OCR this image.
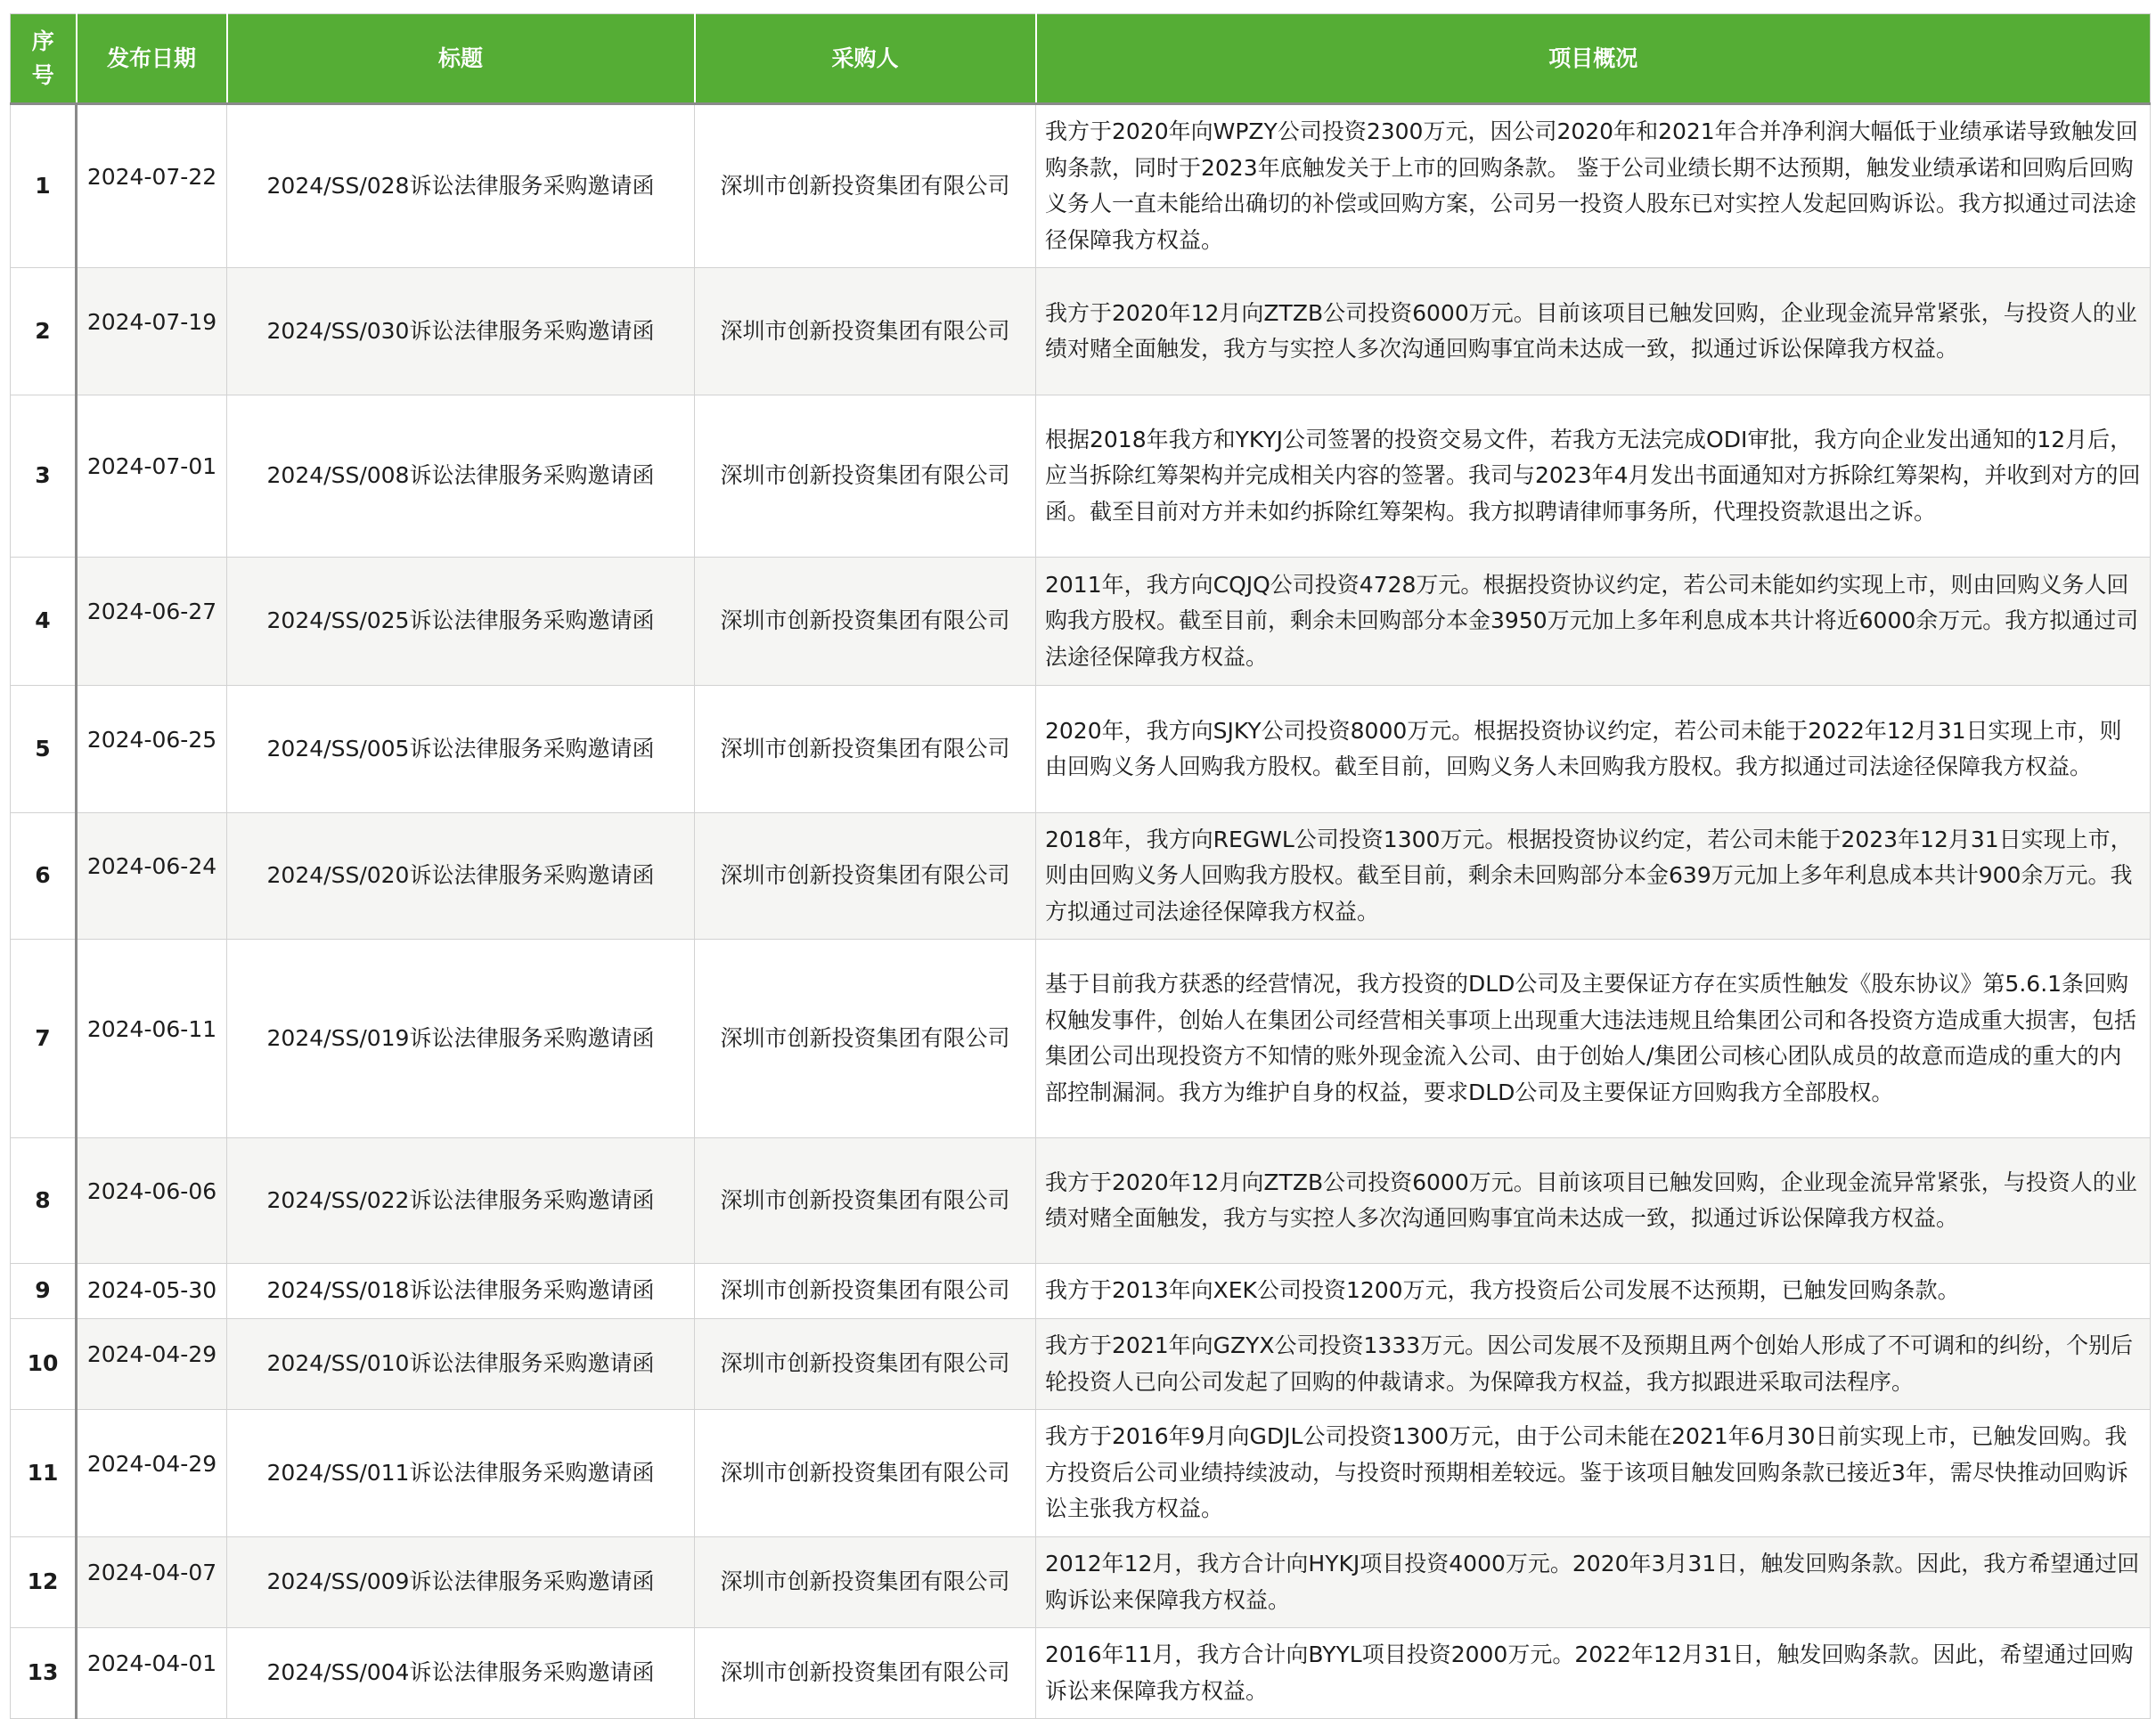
序号	发布日期	标题	采购人	项目概况
1	2024-07-22	2024/SS/028诉讼法律服务采购邀请函	深圳市创新投资集团有限公司	我方于2020年向WPZY公司投资2300万元，因公司2020年和2021年合并净利润大幅低于业绩承诺导致触发回购条款，同时于2023年底触发关于上市的回购条款。 鉴于公司业绩长期不达预期，触发业绩承诺和回购后回购义务人一直未能给出确切的补偿或回购方案，公司另一投资人股东已对实控人发起回购诉讼。我方拟通过司法途径保障我方权益。
2	2024-07-19	2024/SS/030诉讼法律服务采购邀请函	深圳市创新投资集团有限公司	我方于2020年12月向ZTZB公司投资6000万元。目前该项目已触发回购，企业现金流异常紧张，与投资人的业绩对赌全面触发，我方与实控人多次沟通回购事宜尚未达成一致，拟通过诉讼保障我方权益。
3	2024-07-01	2024/SS/008诉讼法律服务采购邀请函	深圳市创新投资集团有限公司	根据2018年我方和YKYJ公司签署的投资交易文件，若我方无法完成ODI审批，我方向企业发出通知的12月后，应当拆除红筹架构并完成相关内容的签署。我司与2023年4月发出书面通知对方拆除红筹架构，并收到对方的回函。截至目前对方并未如约拆除红筹架构。我方拟聘请律师事务所，代理投资款退出之诉。
4	2024-06-27	2024/SS/025诉讼法律服务采购邀请函	深圳市创新投资集团有限公司	2011年，我方向CQJQ公司投资4728万元。根据投资协议约定，若公司未能如约实现上市，则由回购义务人回购我方股权。截至目前，剩余未回购部分本金3950万元加上多年利息成本共计将近6000余万元。我方拟通过司法途径保障我方权益。
5	2024-06-25	2024/SS/005诉讼法律服务采购邀请函	深圳市创新投资集团有限公司	2020年，我方向SJKY公司投资8000万元。根据投资协议约定，若公司未能于2022年12月31日实现上市，则由回购义务人回购我方股权。截至目前，回购义务人未回购我方股权。我方拟通过司法途径保障我方权益。
6	2024-06-24	2024/SS/020诉讼法律服务采购邀请函	深圳市创新投资集团有限公司	2018年，我方向REGWL公司投资1300万元。根据投资协议约定，若公司未能于2023年12月31日实现上市，则由回购义务人回购我方股权。截至目前，剩余未回购部分本金639万元加上多年利息成本共计900余万元。我方拟通过司法途径保障我方权益。
7	2024-06-11	2024/SS/019诉讼法律服务采购邀请函	深圳市创新投资集团有限公司	基于目前我方获悉的经营情况，我方投资的DLD公司及主要保证方存在实质性触发《股东协议》第5.6.1条回购权触发事件，创始人在集团公司经营相关事项上出现重大违法违规且给集团公司和各投资方造成重大损害，包括集团公司出现投资方不知情的账外现金流入公司、由于创始人/集团公司核心团队成员的故意而造成的重大的内部控制漏洞。我方为维护自身的权益，要求DLD公司及主要保证方回购我方全部股权。
8	2024-06-06	2024/SS/022诉讼法律服务采购邀请函	深圳市创新投资集团有限公司	我方于2020年12月向ZTZB公司投资6000万元。目前该项目已触发回购，企业现金流异常紧张，与投资人的业绩对赌全面触发，我方与实控人多次沟通回购事宜尚未达成一致，拟通过诉讼保障我方权益。
9	2024-05-30	2024/SS/018诉讼法律服务采购邀请函	深圳市创新投资集团有限公司	我方于2013年向XEK公司投资1200万元，我方投资后公司发展不达预期，已触发回购条款。
10	2024-04-29	2024/SS/010诉讼法律服务采购邀请函	深圳市创新投资集团有限公司	我方于2021年向GZYX公司投资1333万元。因公司发展不及预期且两个创始人形成了不可调和的纠纷，个别后轮投资人已向公司发起了回购的仲裁请求。为保障我方权益，我方拟跟进采取司法程序。
11	2024-04-29	2024/SS/011诉讼法律服务采购邀请函	深圳市创新投资集团有限公司	我方于2016年9月向GDJL公司投资1300万元，由于公司未能在2021年6月30日前实现上市，已触发回购。我方投资后公司业绩持续波动，与投资时预期相差较远。鉴于该项目触发回购条款已接近3年，需尽快推动回购诉讼主张我方权益。
12	2024-04-07	2024/SS/009诉讼法律服务采购邀请函	深圳市创新投资集团有限公司	2012年12月，我方合计向HYKJ项目投资4000万元。2020年3月31日，触发回购条款。因此，我方希望通过回购诉讼来保障我方权益。
13	2024-04-01	2024/SS/004诉讼法律服务采购邀请函	深圳市创新投资集团有限公司	2016年11月，我方合计向BYYL项目投资2000万元。2022年12月31日，触发回购条款。因此，希望通过回购诉讼来保障我方权益。
